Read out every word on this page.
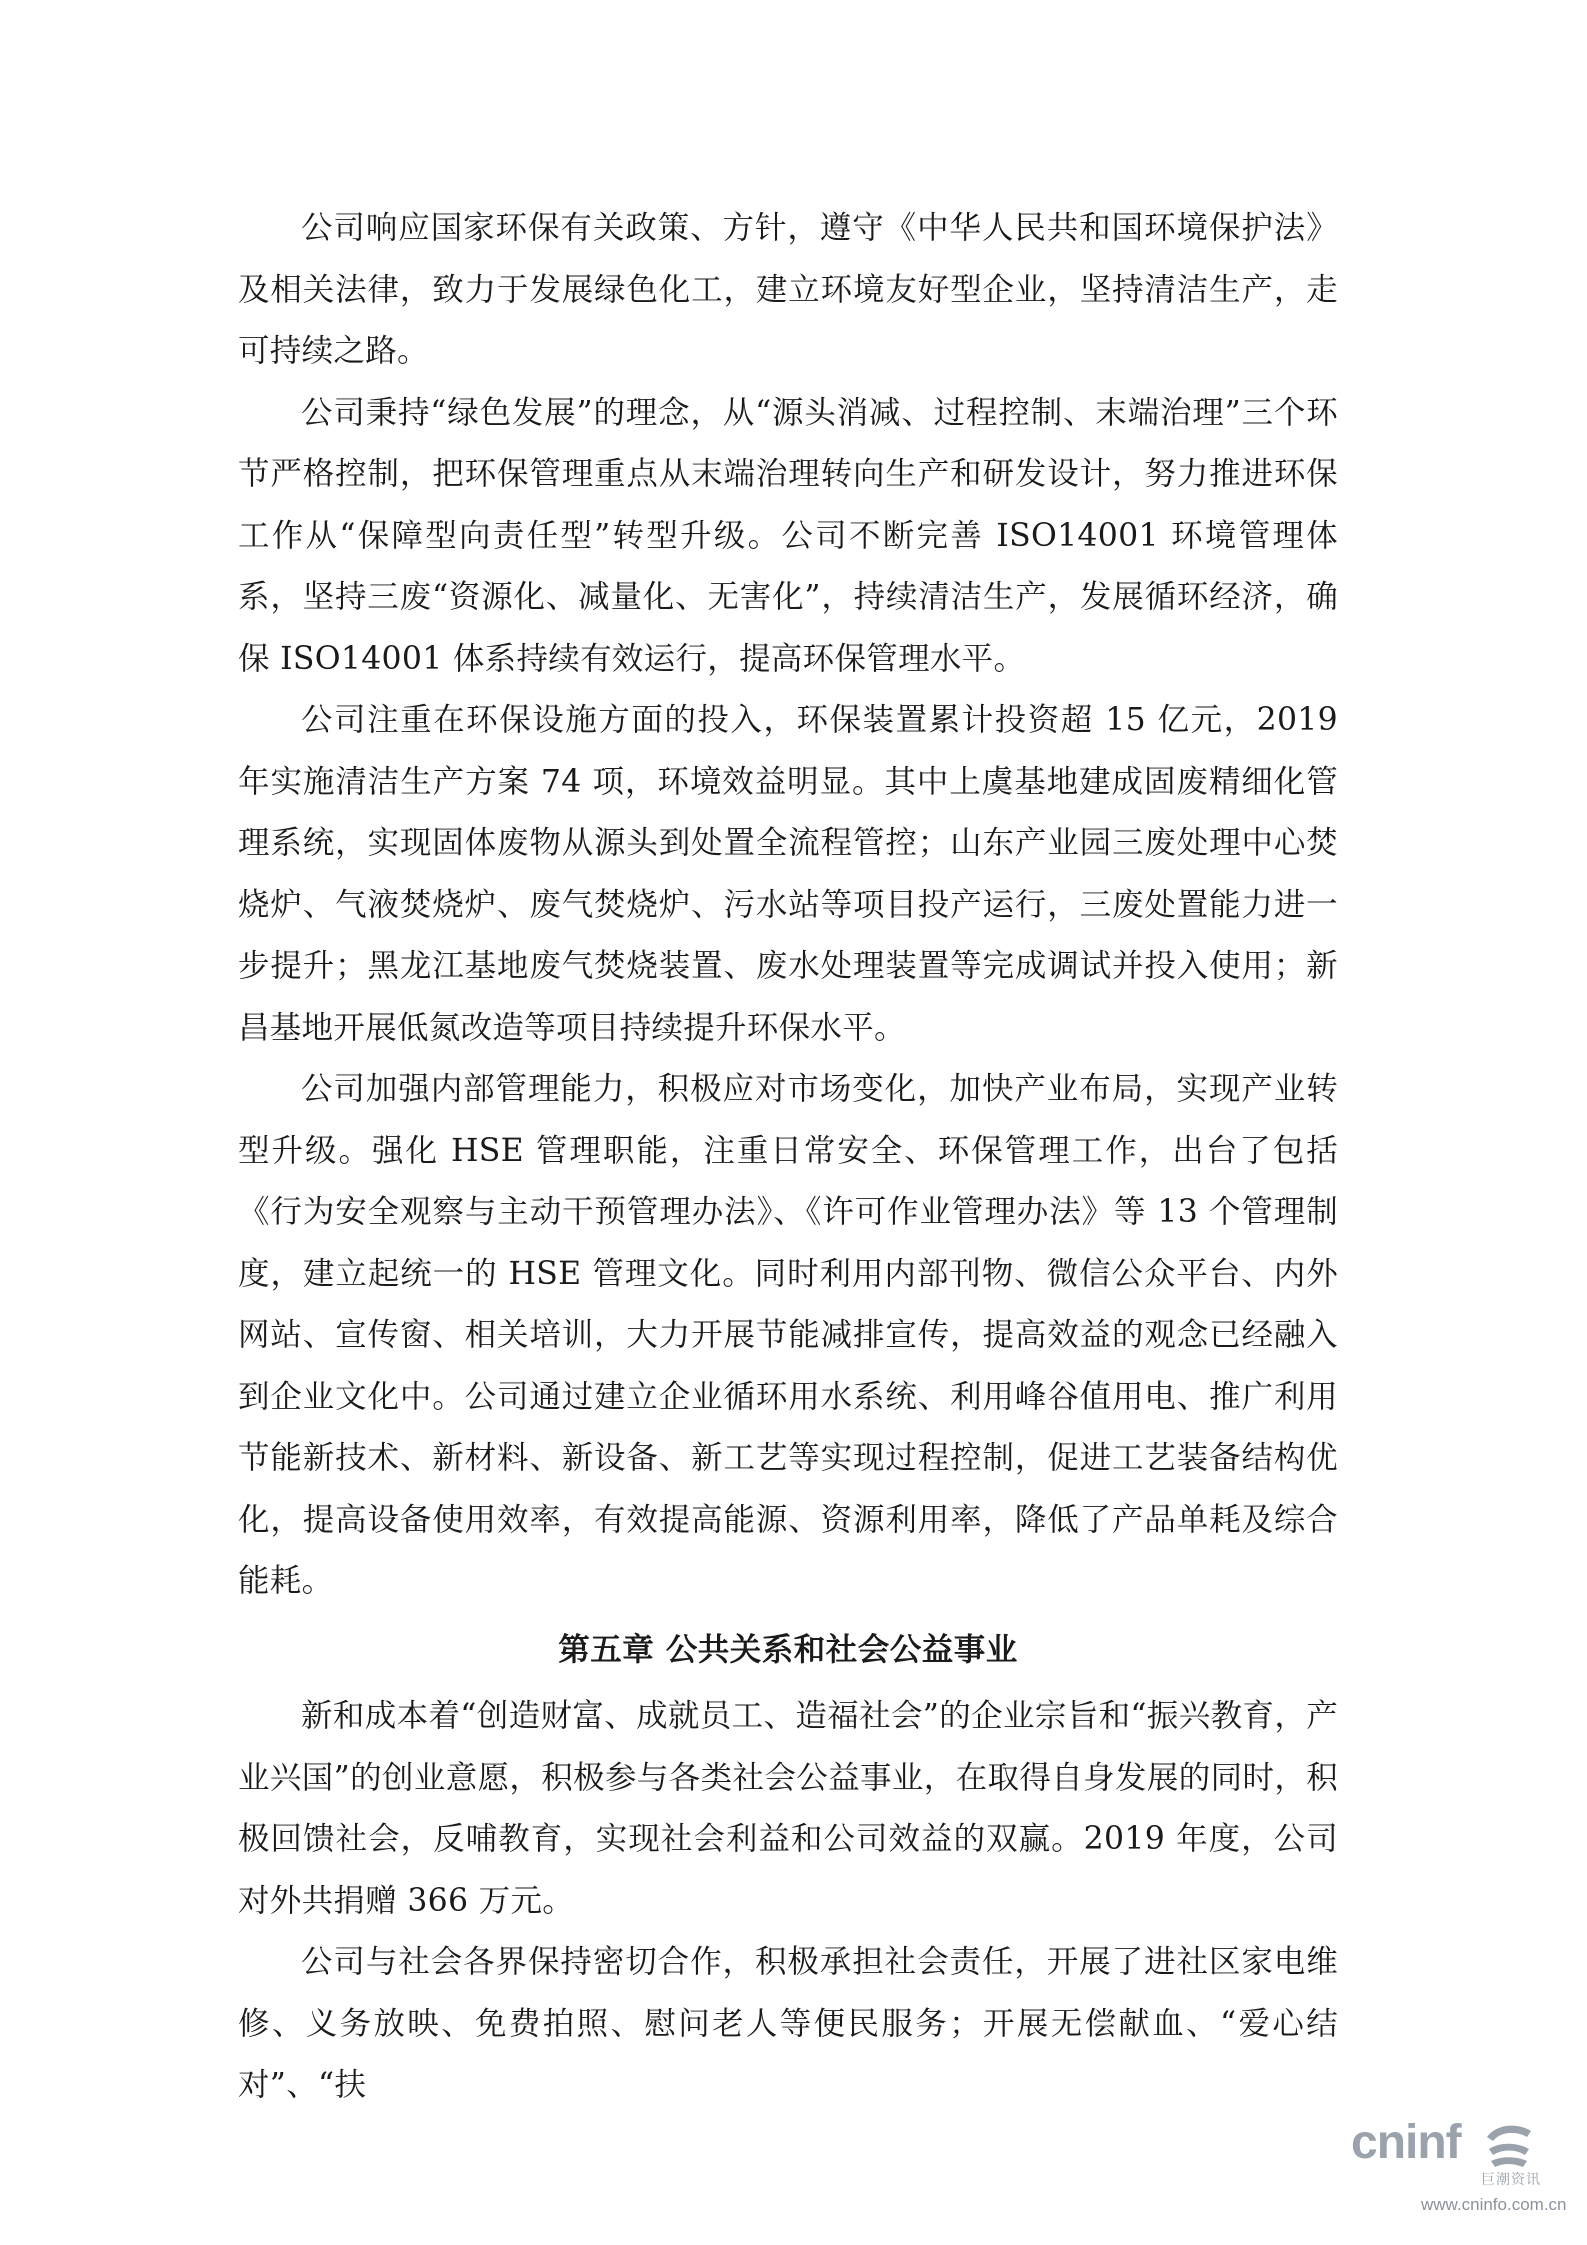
公司响应国家环保有关政策、方针，遵守《中华人民共和国环境保护法》及相关法律，致力于发展绿色化工，建立环境友好型企业，坚持清洁生产，走可持续之路。

公司秉持“绿色发展”的理念，从“源头消减、过程控制、末端治理”三个环节严格控制，把环保管理重点从末端治理转向生产和研发设计，努力推进环保工作从“保障型向责任型”转型升级。公司不断完善 ISO14001 环境管理体系，坚持三废“资源化、减量化、无害化”，持续清洁生产，发展循环经济，确保 ISO14001 体系持续有效运行，提高环保管理水平。

公司注重在环保设施方面的投入，环保装置累计投资超 15 亿元，2019 年实施清洁生产方案 74 项，环境效益明显。其中上虞基地建成固废精细化管理系统，实现固体废物从源头到处置全流程管控；山东产业园三废处理中心焚烧炉、气液焚烧炉、废气焚烧炉、污水站等项目投产运行，三废处置能力进一步提升；黑龙江基地废气焚烧装置、废水处理装置等完成调试并投入使用；新昌基地开展低氮改造等项目持续提升环保水平。

公司加强内部管理能力，积极应对市场变化，加快产业布局，实现产业转型升级。强化 HSE 管理职能，注重日常安全、环保管理工作，出台了包括《行为安全观察与主动干预管理办法》、《许可作业管理办法》等 13 个管理制度，建立起统一的 HSE 管理文化。同时利用内部刊物、微信公众平台、内外网站、宣传窗、相关培训，大力开展节能减排宣传，提高效益的观念已经融入到企业文化中。公司通过建立企业循环用水系统、利用峰谷值用电、推广利用节能新技术、新材料、新设备、新工艺等实现过程控制，促进工艺装备结构优化，提高设备使用效率，有效提高能源、资源利用率，降低了产品单耗及综合能耗。

第五章 公共关系和社会公益事业

新和成本着“创造财富、成就员工、造福社会”的企业宗旨和“振兴教育，产业兴国”的创业意愿，积极参与各类社会公益事业，在取得自身发展的同时，积极回馈社会，反哺教育，实现社会利益和公司效益的双赢。2019 年度，公司对外共捐赠 366 万元。

公司与社会各界保持密切合作，积极承担社会责任，开展了进社区家电维修、义务放映、免费拍照、慰问老人等便民服务；开展无偿献血、“爱心结对”、“扶

cninf
巨潮资讯
www.cninfo.com.cn
